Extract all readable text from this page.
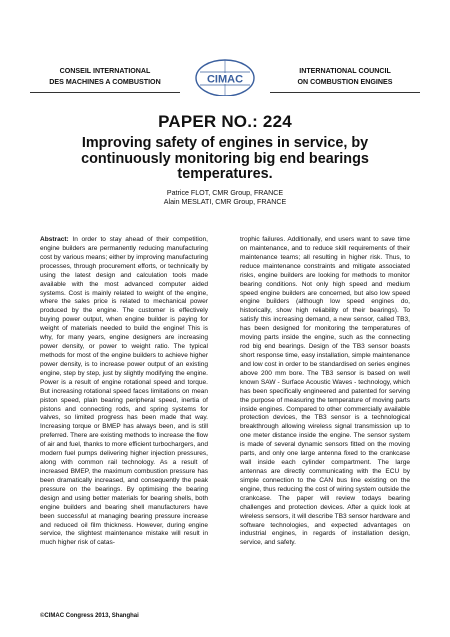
CONSEIL INTERNATIONAL
DES MACHINES A COMBUSTION	CIMAC
INTERNATIONAL COUNCIL
ON COMBUSTION ENGINES
PAPER NO.: 224
Improving safety of engines in service, by continuously monitoring big end bearings temperatures.
Patrice FLOT, CMR Group, FRANCE
Alain MESLATI, CMR Group, FRANCE

Abstract: In order to stay ahead of their competition, engine builders are permanently reducing manufacturing cost by various means; either by improving manufacturing processes, through procurement efforts, or technically by using the latest design and calculation tools made available with the most advanced computer aided systems. Cost is mainly related to weight of the engine, where the sales price is related to mechanical power produced by the engine. The customer is effectively buying power output, when engine builder is paying for weight of materials needed to build the engine! This is why, for many years, engine designers are increasing power density, or power to weight ratio. The typical methods for most of the engine builders to achieve higher power density, is to increase power output of an existing engine, step by step, just by slightly modifying the engine. Power is a result of engine rotational speed and torque. But increasing rotational speed faces limitations on mean piston speed, plain bearing peripheral speed, inertia of pistons and connecting rods, and spring systems for valves, so limited progress has been made that way. Increasing torque or BMEP has always been, and is still preferred. There are existing methods to increase the flow of air and fuel, thanks to more efficient turbochargers, and modern fuel pumps delivering higher injection pressures, along with common rail technology. As a result of increased BMEP, the maximum combustion pressure has been dramatically increased, and consequently the peak pressure on the bearings. By optimising the bearing design and using better materials for bearing shells, both engine builders and bearing shell manufacturers have been successful at managing bearing pressure increase and reduced oil film thickness. However, during engine service, the slightest maintenance mistake will result in much higher risk of catas-

trophic failures. Additionally, end users want to save time on maintenance, and to reduce skill requirements of their maintenance teams; all resulting in higher risk. Thus, to reduce maintenance constraints and mitigate associated risks, engine builders are looking for methods to monitor bearing conditions. Not only high speed and medium speed engine builders are concerned, but also low speed engine builders (although low speed engines do, historically, show high reliability of their bearings). To satisfy this increasing demand, a new sensor, called TB3, has been designed for monitoring the temperatures of moving parts inside the engine, such as the connecting rod big end bearings. Design of the TB3 sensor boasts short response time, easy installation, simple maintenance and low cost in order to be standardised on series engines above 200 mm bore. The TB3 sensor is based on well known SAW - Surface Acoustic Waves - technology, which has been specifically engineered and patented for serving the purpose of measuring the temperature of moving parts inside engines. Compared to other commercially available protection devices, the TB3 sensor is a technological breakthrough allowing wireless signal transmission up to one meter distance inside the engine. The sensor system is made of several dynamic sensors fitted on the moving parts, and only one large antenna fixed to the crankcase wall inside each cylinder compartment. The large antennas are directly communicating with the ECU by simple connection to the CAN bus line existing on the engine, thus reducing the cost of wiring system outside the crankcase. The paper will review todays bearing challenges and protection devices. After a quick look at wireless sensors, it will describe TB3 sensor hardware and software technologies, and expected advantages on industrial engines, in regards of installation design, service, and safety.

©CIMAC Congress 2013, Shanghai
